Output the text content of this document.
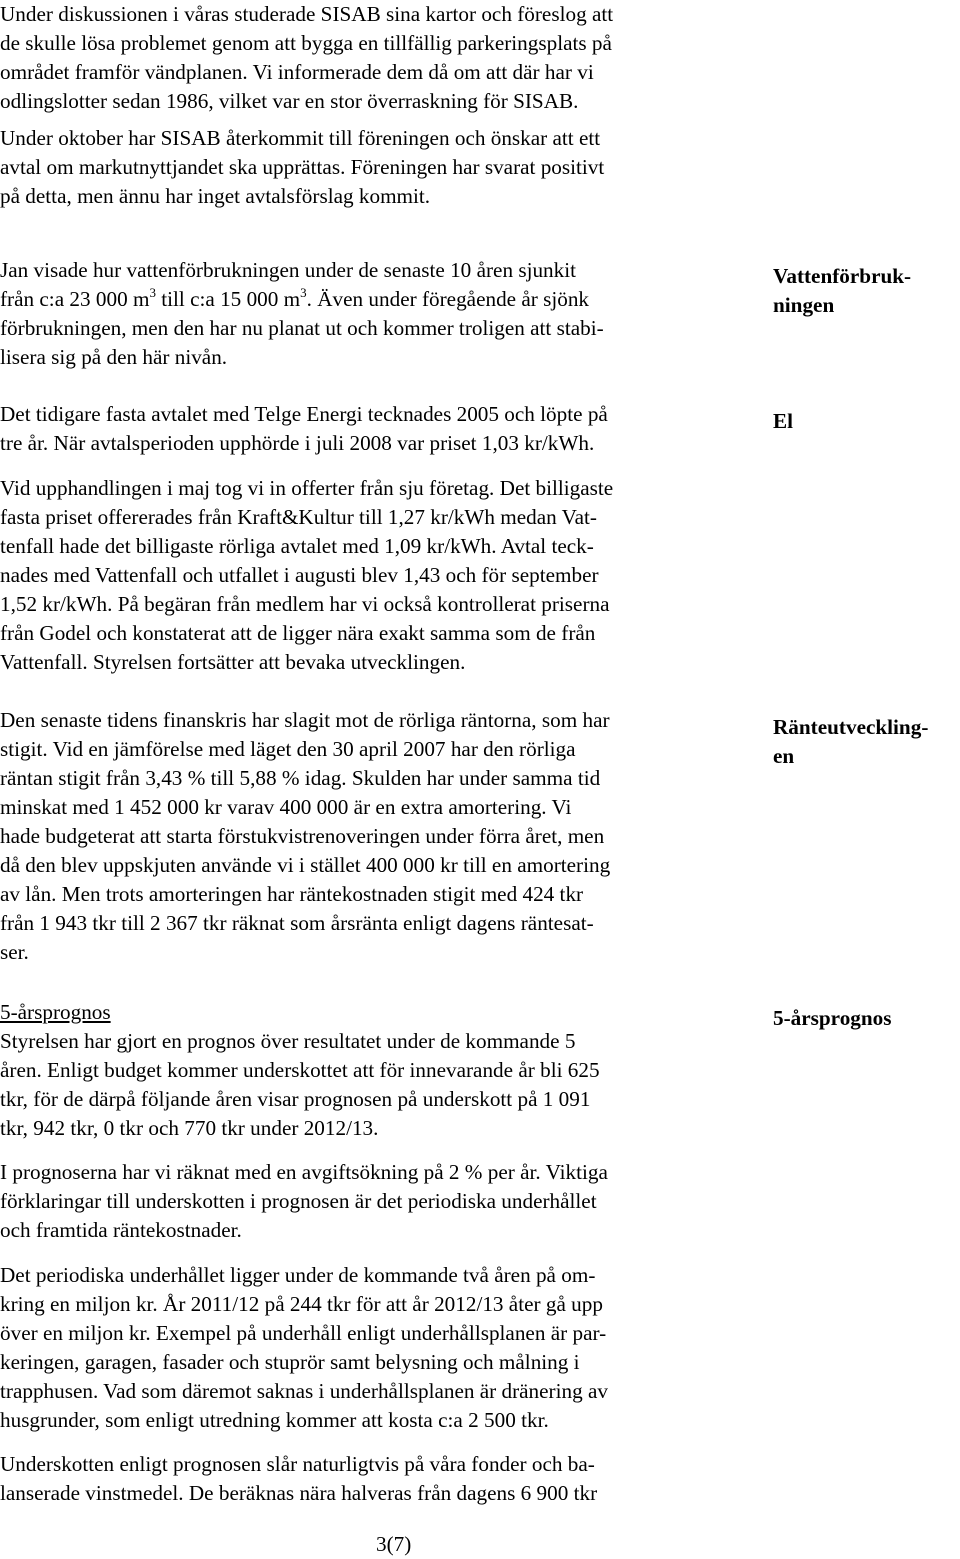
Under diskussionen i våras studerade SISAB sina kartor och föreslog att
de skulle lösa problemet genom att bygga en tillfällig parkeringsplats på
området framför vändplanen. Vi informerade dem då om att där har vi
odlingslotter sedan 1986, vilket var en stor överraskning för SISAB.
Under oktober har SISAB återkommit till föreningen och önskar att ett
avtal om markutnyttjandet ska upprättas. Föreningen har svarat positivt
på detta, men ännu har inget avtalsförslag kommit.
Jan visade hur vattenförbrukningen under de senaste 10 åren sjunkit
från c:a 23 000 $m^3$ till c:a 15 000 $m^3$. Även under föregående år sjönk
förbrukningen, men den har nu planat ut och kommer troligen att stabi-
lisera sig på den här nivån.
Det tidigare fasta avtalet med Telge Energi tecknades 2005 och löpte på
tre år. När avtalsperioden upphörde i juli 2008 var priset 1,03 kr/kWh.
Vid upphandlingen i maj tog vi in offerter från sju företag. Det billigaste
fasta priset offererades från Kraft&Kultur till 1,27 kr/kWh medan Vat-
tenfall hade det billigaste rörliga avtalet med 1,09 kr/kWh. Avtal teck-
nades med Vattenfall och utfallet i augusti blev 1,43 och för september
1,52 kr/kWh. På begäran från medlem har vi också kontrollerat priserna
från Godel och konstaterat att de ligger nära exakt samma som de från
Vattenfall. Styrelsen fortsätter att bevaka utvecklingen.
Den senaste tidens finanskris har slagit mot de rörliga räntorna, som har
stigit. Vid en jämförelse med läget den 30 april 2007 har den rörliga
räntan stigit från 3,43 % till 5,88 % idag. Skulden har under samma tid
minskat med 1 452 000 kr varav 400 000 är en extra amortering. Vi
hade budgeterat att starta förstukvistrenoveringen under förra året, men
då den blev uppskjuten använde vi i stället 400 000 kr till en amortering
av lån. Men trots amorteringen har räntekostnaden stigit med 424 tkr
från 1 943 tkr till 2 367 tkr räknat som årsränta enligt dagens räntesat-
ser.
5-årsprognos
Styrelsen har gjort en prognos över resultatet under de kommande 5
åren. Enligt budget kommer underskottet att för innevarande år bli 625
tkr, för de därpå följande åren visar prognosen på underskott på 1 091
tkr, 942 tkr, 0 tkr och 770 tkr under 2012/13.
I prognoserna har vi räknat med en avgiftsökning på 2 % per år. Viktiga
förklaringar till underskotten i prognosen är det periodiska underhållet
och framtida räntekostnader.
Det periodiska underhållet ligger under de kommande två åren på om-
kring en miljon kr. År 2011/12 på 244 tkr för att år 2012/13 åter gå upp
över en miljon kr. Exempel på underhåll enligt underhållsplanen är par-
keringen, garagen, fasader och stuprör samt belysning och målning i
trapphusen. Vad som däremot saknas i underhållsplanen är dränering av
husgrunder, som enligt utredning kommer att kosta c:a 2 500 tkr.
Underskotten enligt prognosen slår naturligtvis på våra fonder och ba-
lanserade vinstmedel. De beräknas nära halveras från dagens 6 900 tkr
Vattenförbruk-
ningen
El
Ränteutveckling-
en
5-årsprognos
3(7)
